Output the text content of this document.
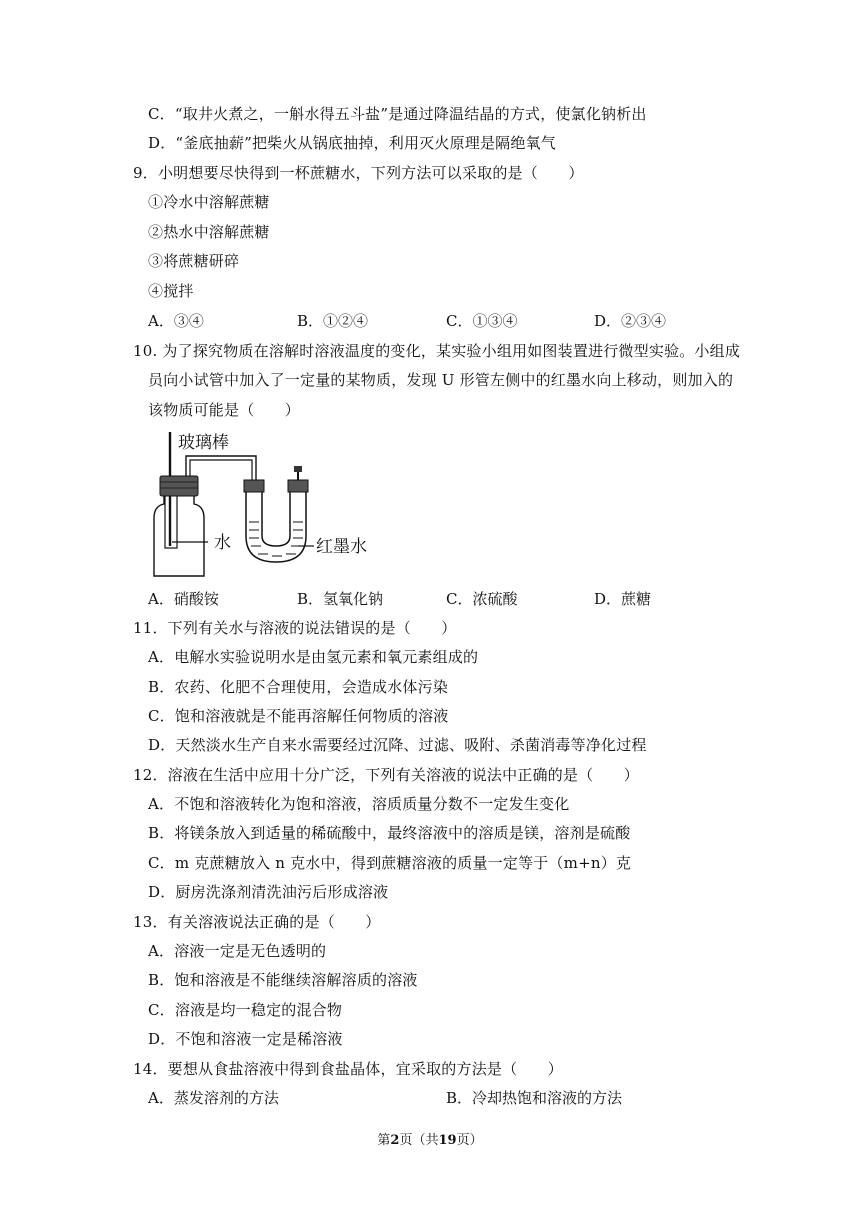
C．“取井火煮之，一斛水得五斗盐”是通过降温结晶的方式，使氯化钠析出
D．“釜底抽薪”把柴火从锅底抽掉，利用灭火原理是隔绝氧气
9．小明想要尽快得到一杯蔗糖水，下列方法可以采取的是（　　）
①冷水中溶解蔗糖
②热水中溶解蔗糖
③将蔗糖研碎
④搅拌
A．③④	B．①②④	C．①③④	D．②③④
10. 为了探究物质在溶解时溶液温度的变化，某实验小组用如图装置进行微型实验。小组成
员向小试管中加入了一定量的某物质，发现 U 形管左侧中的红墨水向上移动，则加入的
该物质可能是（　　）
玻璃棒
水	红墨水
A．硝酸铵	B．氢氧化钠	C．浓硫酸	D．蔗糖
11．下列有关水与溶液的说法错误的是（　　）
A．电解水实验说明水是由氢元素和氧元素组成的
B．农药、化肥不合理使用，会造成水体污染
C．饱和溶液就是不能再溶解任何物质的溶液
D．天然淡水生产自来水需要经过沉降、过滤、吸附、杀菌消毒等净化过程
12．溶液在生活中应用十分广泛，下列有关溶液的说法中正确的是（　　）
A．不饱和溶液转化为饱和溶液，溶质质量分数不一定发生变化
B．将镁条放入到适量的稀硫酸中，最终溶液中的溶质是镁，溶剂是硫酸
C．m 克蔗糖放入 n 克水中，得到蔗糖溶液的质量一定等于（m+n）克
D．厨房洗涤剂清洗油污后形成溶液
13．有关溶液说法正确的是（　　）
A．溶液一定是无色透明的
B．饱和溶液是不能继续溶解溶质的溶液
C．溶液是均一稳定的混合物
D．不饱和溶液一定是稀溶液
14．要想从食盐溶液中得到食盐晶体，宜采取的方法是（　　）
A．蒸发溶剂的方法	B．冷却热饱和溶液的方法
第2页（共19页）
